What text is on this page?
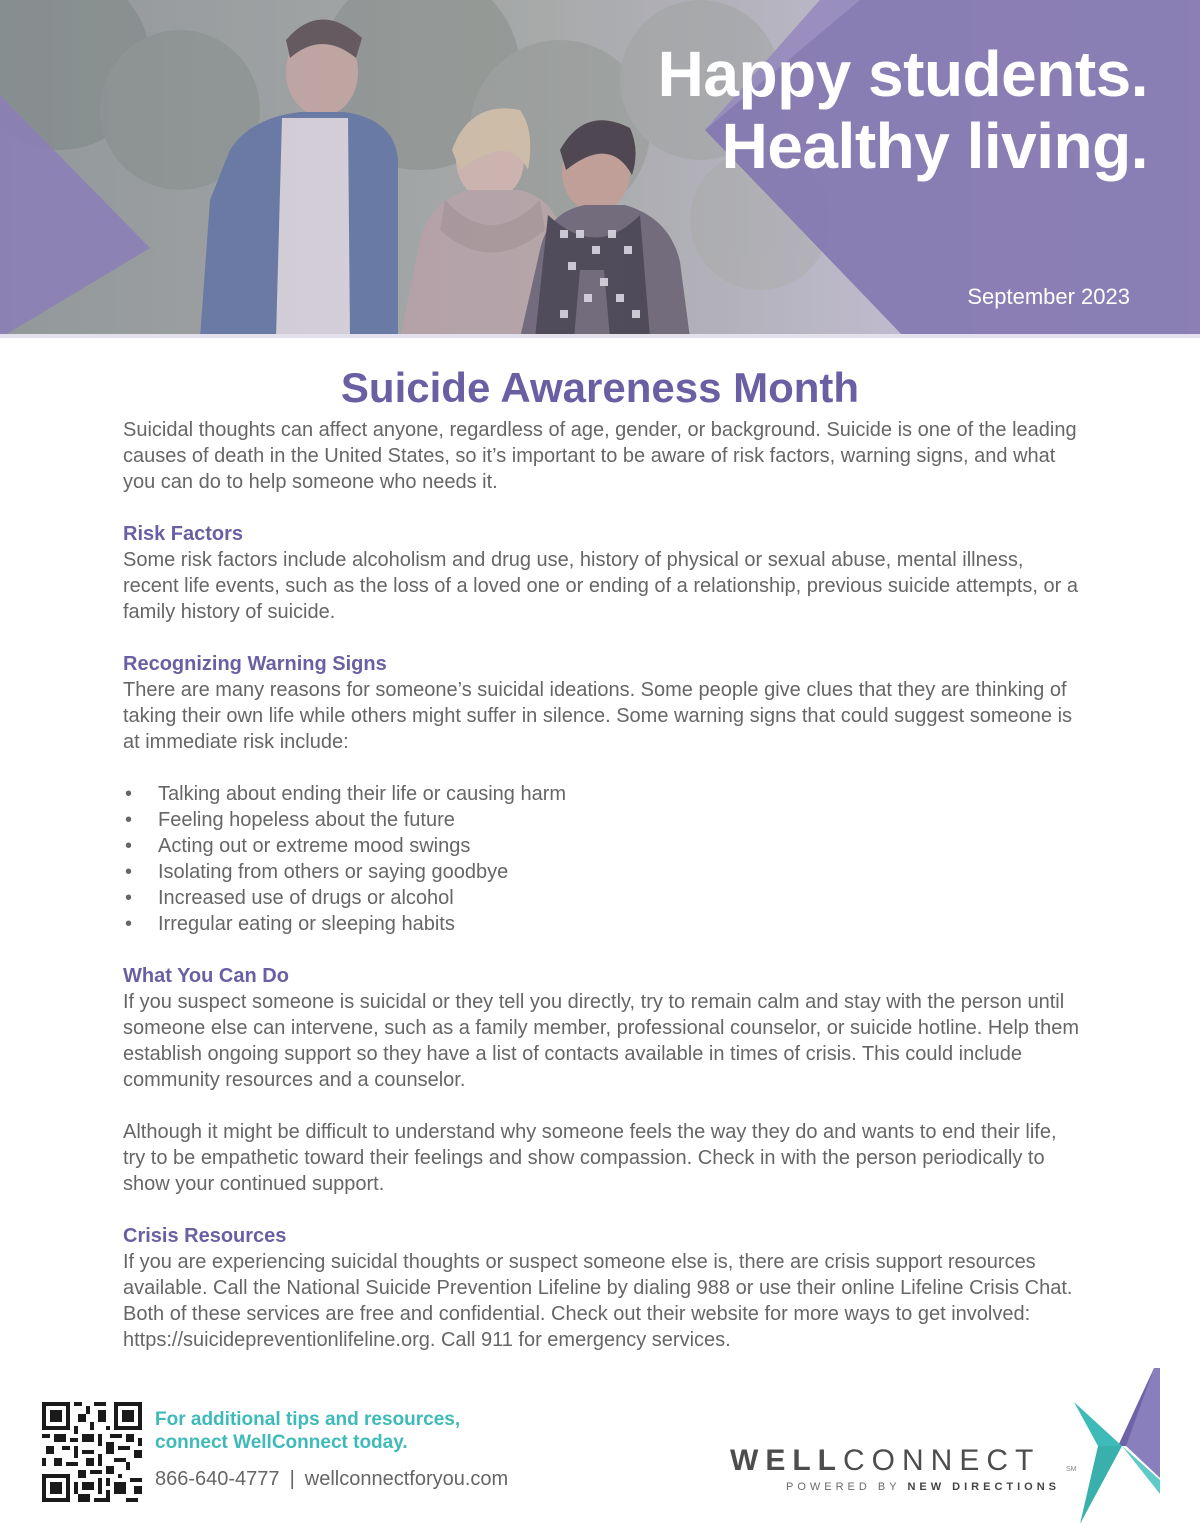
Happy students.
Healthy living.
September 2023
Suicide Awareness Month

Suicidal thoughts can affect anyone, regardless of age, gender, or background. Suicide is one of the leading causes of death in the United States, so it’s important to be aware of risk factors, warning signs, and what you can do to help someone who needs it.

Risk Factors

Some risk factors include alcoholism and drug use, history of physical or sexual abuse, mental illness, recent life events, such as the loss of a loved one or ending of a relationship, previous suicide attempts, or a family history of suicide.

Recognizing Warning Signs

There are many reasons for someone’s suicidal ideations. Some people give clues that they are thinking of taking their own life while others might suffer in silence. Some warning signs that could suggest someone is at immediate risk include:

• Talking about ending their life or causing harm
• Feeling hopeless about the future
• Acting out or extreme mood swings
• Isolating from others or saying goodbye
• Increased use of drugs or alcohol
• Irregular eating or sleeping habits
What You Can Do

If you suspect someone is suicidal or they tell you directly, try to remain calm and stay with the person until someone else can intervene, such as a family member, professional counselor, or suicide hotline. Help them establish ongoing support so they have a list of contacts available in times of crisis. This could include community resources and a counselor.

Although it might be difficult to understand why someone feels the way they do and wants to end their life, try to be empathetic toward their feelings and show compassion. Check in with the person periodically to show your continued support.

Crisis Resources

If you are experiencing suicidal thoughts or suspect someone else is, there are crisis support resources available. Call the National Suicide Prevention Lifeline by dialing 988 or use their online Lifeline Crisis Chat. Both of these services are free and confidential. Check out their website for more ways to get involved: https://suicidepreventionlifeline.org. Call 911 for emergency services.

For additional tips and resources,
connect WellConnect today.
866-640-4777 | wellconnectforyou.com
WELLCONNECT	SM
POWERED BY NEW DIRECTIONS
